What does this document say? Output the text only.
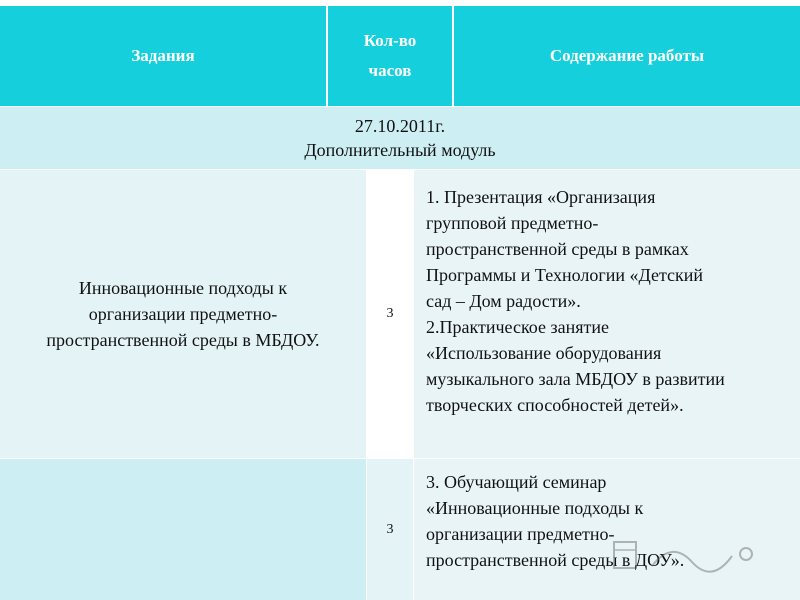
Задания
Кол-во
часов
Содержание работы
27.10.2011г.
Дополнительный модуль
Инновационные подходы к
организации предметно-
пространственной среды в МБДОУ.
3
1. Презентация «Организация
групповой предметно-
пространственной среды в рамках
Программы и Технологии «Детский
сад – Дом радости».
2.Практическое занятие
«Использование оборудования
музыкального зала МБДОУ в развитии
творческих способностей детей».
3
3. Обучающий семинар
«Инновационные подходы к
организации предметно-
пространственной среды в ДОУ».
